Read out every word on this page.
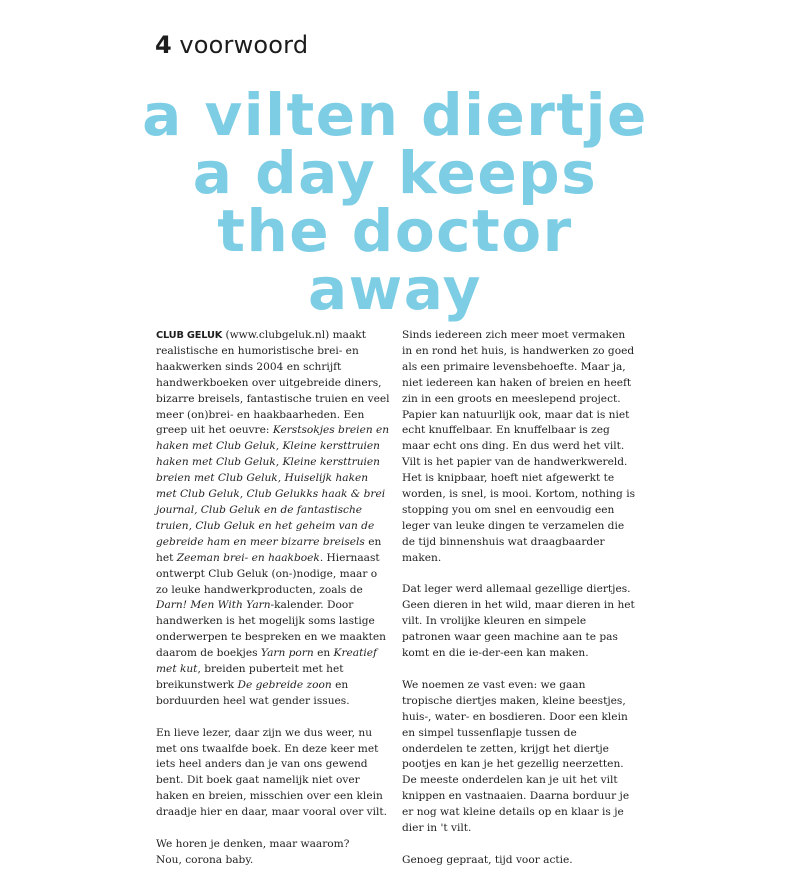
4 voorwoord
a vilten diertje
a day keeps
the doctor
away

CLUB GELUK (www.clubgeluk.nl) maakt realistische en humoristische brei- en haakwerken sinds 2004 en schrijft handwerkboeken over uitgebreide diners, bizarre breisels, fantastische truien en veel meer (on)brei- en haakbaarheden. Een greep uit het oeuvre: Kerstsokjes breien en haken met Club Geluk, Kleine kersttruien haken met Club Geluk, Kleine kersttruien breien met Club Geluk, Huiselijk haken met Club Geluk, Club Gelukks haak & brei journal, Club Geluk en de fantastische truien, Club Geluk en het geheim van de gebreide ham en meer bizarre breisels en het Zeeman brei- en haakboek. Hiernaast ontwerpt Club Geluk (on-)nodige, maar o zo leuke handwerkproducten, zoals de Darn! Men With Yarn-kalender. Door handwerken is het mogelijk soms lastige onderwerpen te bespreken en we maakten daarom de boekjes Yarn porn en Kreatief met kut, breiden puberteit met het breikunstwerk De gebreide zoon en borduurden heel wat gender issues.

En lieve lezer, daar zijn we dus weer, nu met ons twaalfde boek. En deze keer met iets heel anders dan je van ons gewend bent. Dit boek gaat namelijk niet over haken en breien, misschien over een klein draadje hier en daar, maar vooral over vilt.

We horen je denken, maar waarom?
Nou, corona baby.

Sinds iedereen zich meer moet vermaken in en rond het huis, is handwerken zo goed als een primaire levensbehoefte. Maar ja, niet iedereen kan haken of breien en heeft zin in een groots en meeslepend project. Papier kan natuurlijk ook, maar dat is niet echt knuffelbaar. En knuffelbaar is zeg maar echt ons ding. En dus werd het vilt. Vilt is het papier van de handwerkwereld. Het is knipbaar, hoeft niet afgewerkt te worden, is snel, is mooi. Kortom, nothing is stopping you om snel en eenvoudig een leger van leuke dingen te verzamelen die de tijd binnenshuis wat draagbaarder maken.

Dat leger werd allemaal gezellige diertjes. Geen dieren in het wild, maar dieren in het vilt. In vrolijke kleuren en simpele patronen waar geen machine aan te pas komt en die ie-der-een kan maken.

We noemen ze vast even: we gaan tropische diertjes maken, kleine beestjes, huis-, water- en bosdieren. Door een klein en simpel tussenflapje tussen de onderdelen te zetten, krijgt het diertje pootjes en kan je het gezellig neerzetten. De meeste onderdelen kan je uit het vilt knippen en vastnaaien. Daarna borduur je er nog wat kleine details op en klaar is je dier in 't vilt.

Genoeg gepraat, tijd voor actie.
